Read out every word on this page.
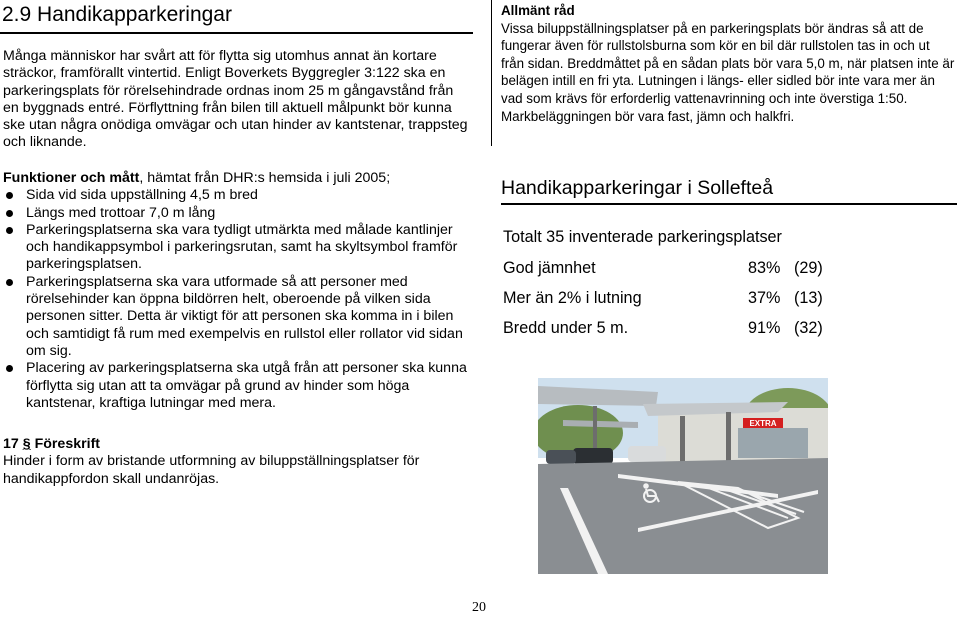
2.9 Handikapparkeringar

Många människor har svårt att för flytta sig utomhus annat än kortare sträckor, framförallt vintertid. Enligt Boverkets Byggregler 3:122 ska en parkeringsplats för rörelsehindrade ordnas inom 25 m gångavstånd från en byggnads entré. Förflyttning från bilen till aktuell målpunkt bör kunna ske utan några onödiga omvägar och utan hinder av kantstenar, trappsteg och liknande.

Funktioner och mått, hämtat från DHR:s hemsida i juli 2005;

Sida vid sida uppställning 4,5 m bred
Längs med trottoar 7,0 m lång
Parkeringsplatserna ska vara tydligt utmärkta med målade kantlinjer och handikappsymbol i parkeringsrutan, samt ha skyltsymbol framför parkeringsplatsen.
Parkeringsplatserna ska vara utformade så att personer med rörelsehinder kan öppna bildörren helt, oberoende på vilken sida personen sitter. Detta är viktigt för att personen ska komma in i bilen och samtidigt få rum med exempelvis en rullstol eller rollator vid sidan om sig.
Placering av parkeringsplatserna ska utgå från att personer ska kunna förflytta sig utan att ta omvägar på grund av hinder som höga kantstenar, kraftiga lutningar med mera.

17 § Föreskrift

Hinder i form av bristande utformning av biluppställningsplatser för handikappfordon skall undanröjas.

Allmänt råd

Vissa biluppställningsplatser på en parkeringsplats bör ändras så att de fungerar även för rullstolsburna som kör en bil där rullstolen tas in och ut från sidan. Breddmåttet på en sådan plats bör vara 5,0 m, när platsen inte är belägen intill en fri yta. Lutningen i längs- eller sidled bör inte vara mer än vad som krävs för erforderlig vattenavrinning och inte överstiga 1:50. Markbeläggningen bör vara fast, jämn och halkfri.

Handikapparkeringar i Sollefteå

Totalt 35 inventerade parkeringsplatser

God jämnhet	83% (29)
Mer än 2% i lutning	37% (13)
Bredd under 5 m.	91% (32)
EXTRA
20
